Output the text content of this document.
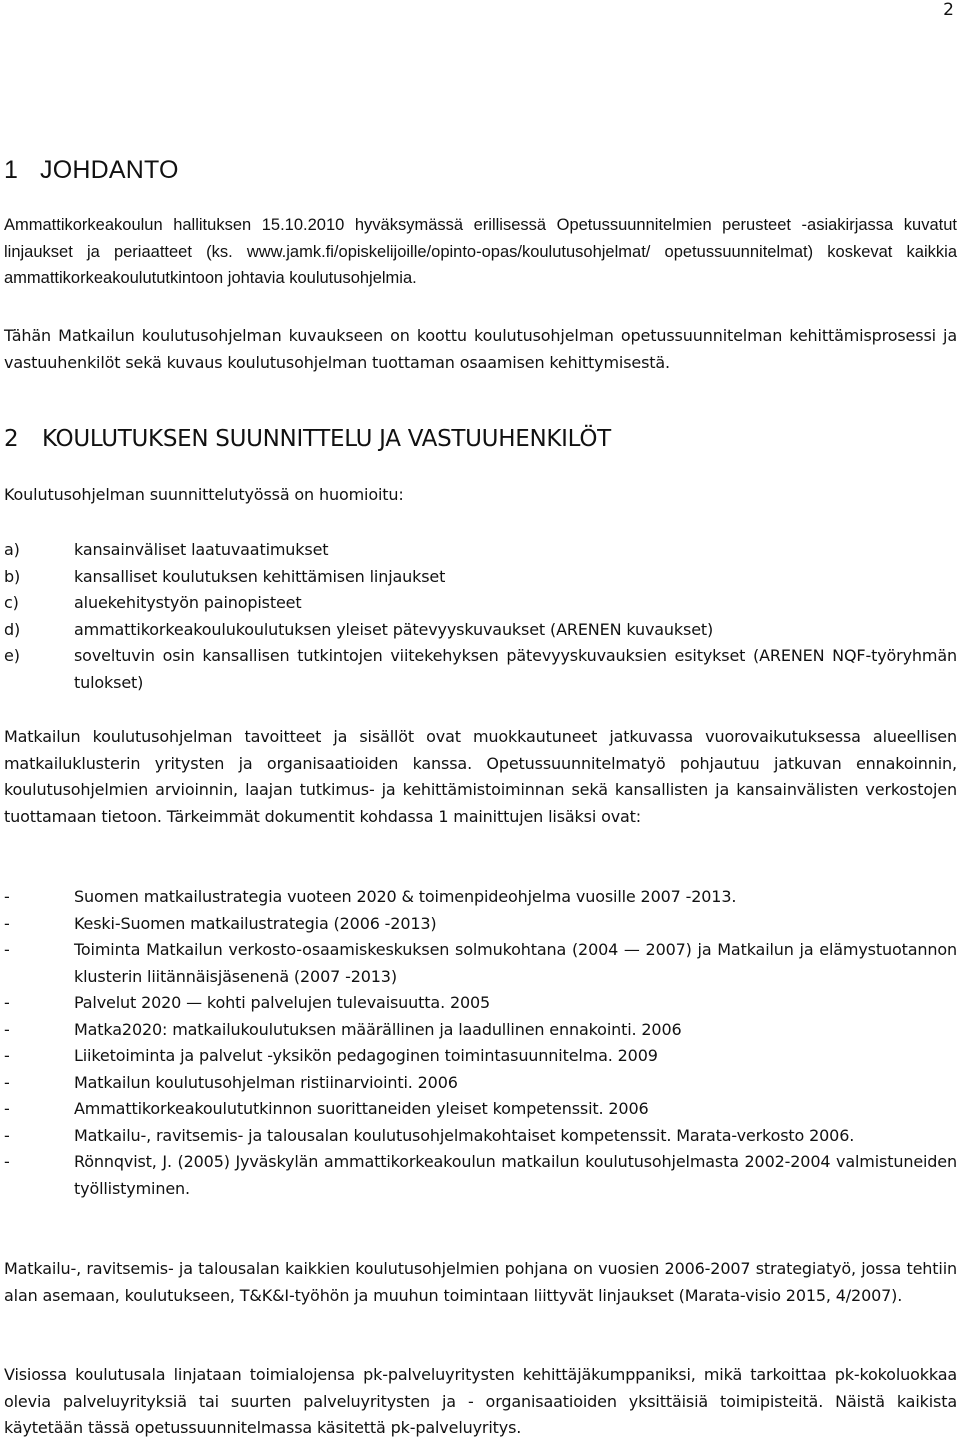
2
1 JOHDANTO

Ammattikorkeakoulun hallituksen 15.10.2010 hyväksymässä erillisessä Opetussuunnitelmien perusteet -asiakirjassa kuvatut linjaukset ja periaatteet (ks. www.jamk.fi/opiskelijoille/opinto-opas/koulutusohjelmat/ opetussuunnitelmat) koskevat kaikkia ammattikorkeakoulututkintoon johtavia koulutusohjelmia.

Tähän Matkailun koulutusohjelman kuvaukseen on koottu koulutusohjelman opetussuunnitelman kehittämisprosessi ja vastuuhenkilöt sekä kuvaus koulutusohjelman tuottaman osaamisen kehittymisestä.

2 KOULUTUKSEN SUUNNITTELU JA VASTUUHENKILÖT

Koulutusohjelman suunnittelutyössä on huomioitu:

a)	kansainväliset laatuvaatimukset
b)	kansalliset koulutuksen kehittämisen linjaukset
c)	aluekehitystyön painopisteet
d)	ammattikorkeakoulukoulutuksen yleiset pätevyyskuvaukset (ARENEN kuvaukset)
e)	soveltuvin osin kansallisen tutkintojen viitekehyksen pätevyyskuvauksien esitykset (ARENEN NQF-työryhmän tulokset)

Matkailun koulutusohjelman tavoitteet ja sisällöt ovat muokkautuneet jatkuvassa vuorovaikutuksessa alueellisen matkailuklusterin yritysten ja organisaatioiden kanssa. Opetussuunnitelmatyö pohjautuu jatkuvan ennakoinnin, koulutusohjelmien arvioinnin, laajan tutkimus- ja kehittämistoiminnan sekä kansallisten ja kansainvälisten verkostojen tuottamaan tietoon. Tärkeimmät dokumentit kohdassa 1 mainittujen lisäksi ovat:

-	Suomen matkailustrategia vuoteen 2020 & toimenpideohjelma vuosille 2007 -2013.
-	Keski-Suomen matkailustrategia (2006 -2013)
-	Toiminta Matkailun verkosto-osaamiskeskuksen solmukohtana (2004 — 2007) ja Matkailun ja elämystuotannon klusterin liitännäisjäsenenä (2007 -2013)
-	Palvelut 2020 — kohti palvelujen tulevaisuutta. 2005
-	Matka2020: matkailukoulutuksen määrällinen ja laadullinen ennakointi. 2006
-	Liiketoiminta ja palvelut -yksikön pedagoginen toimintasuunnitelma. 2009
-	Matkailun koulutusohjelman ristiinarviointi. 2006
-	Ammattikorkeakoulututkinnon suorittaneiden yleiset kompetenssit. 2006
-	Matkailu-, ravitsemis- ja talousalan koulutusohjelmakohtaiset kompetenssit. Marata-verkosto 2006.
-	Rönnqvist, J. (2005) Jyväskylän ammattikorkeakoulun matkailun koulutusohjelmasta 2002-2004 valmistuneiden työllistyminen.

Matkailu-, ravitsemis- ja talousalan kaikkien koulutusohjelmien pohjana on vuosien 2006-2007 strategiatyö, jossa tehtiin alan asemaan, koulutukseen, T&K&I-työhön ja muuhun toimintaan liittyvät linjaukset (Marata-visio 2015, 4/2007).

Visiossa koulutusala linjataan toimialojensa pk-palveluyritysten kehittäjäkumppaniksi, mikä tarkoittaa pk-kokoluokkaa olevia palveluyrityksiä tai suurten palveluyritysten ja - organisaatioiden yksittäisiä toimipisteitä. Näistä kaikista käytetään tässä opetussuunnitelmassa käsitettä pk-palveluyritys.
